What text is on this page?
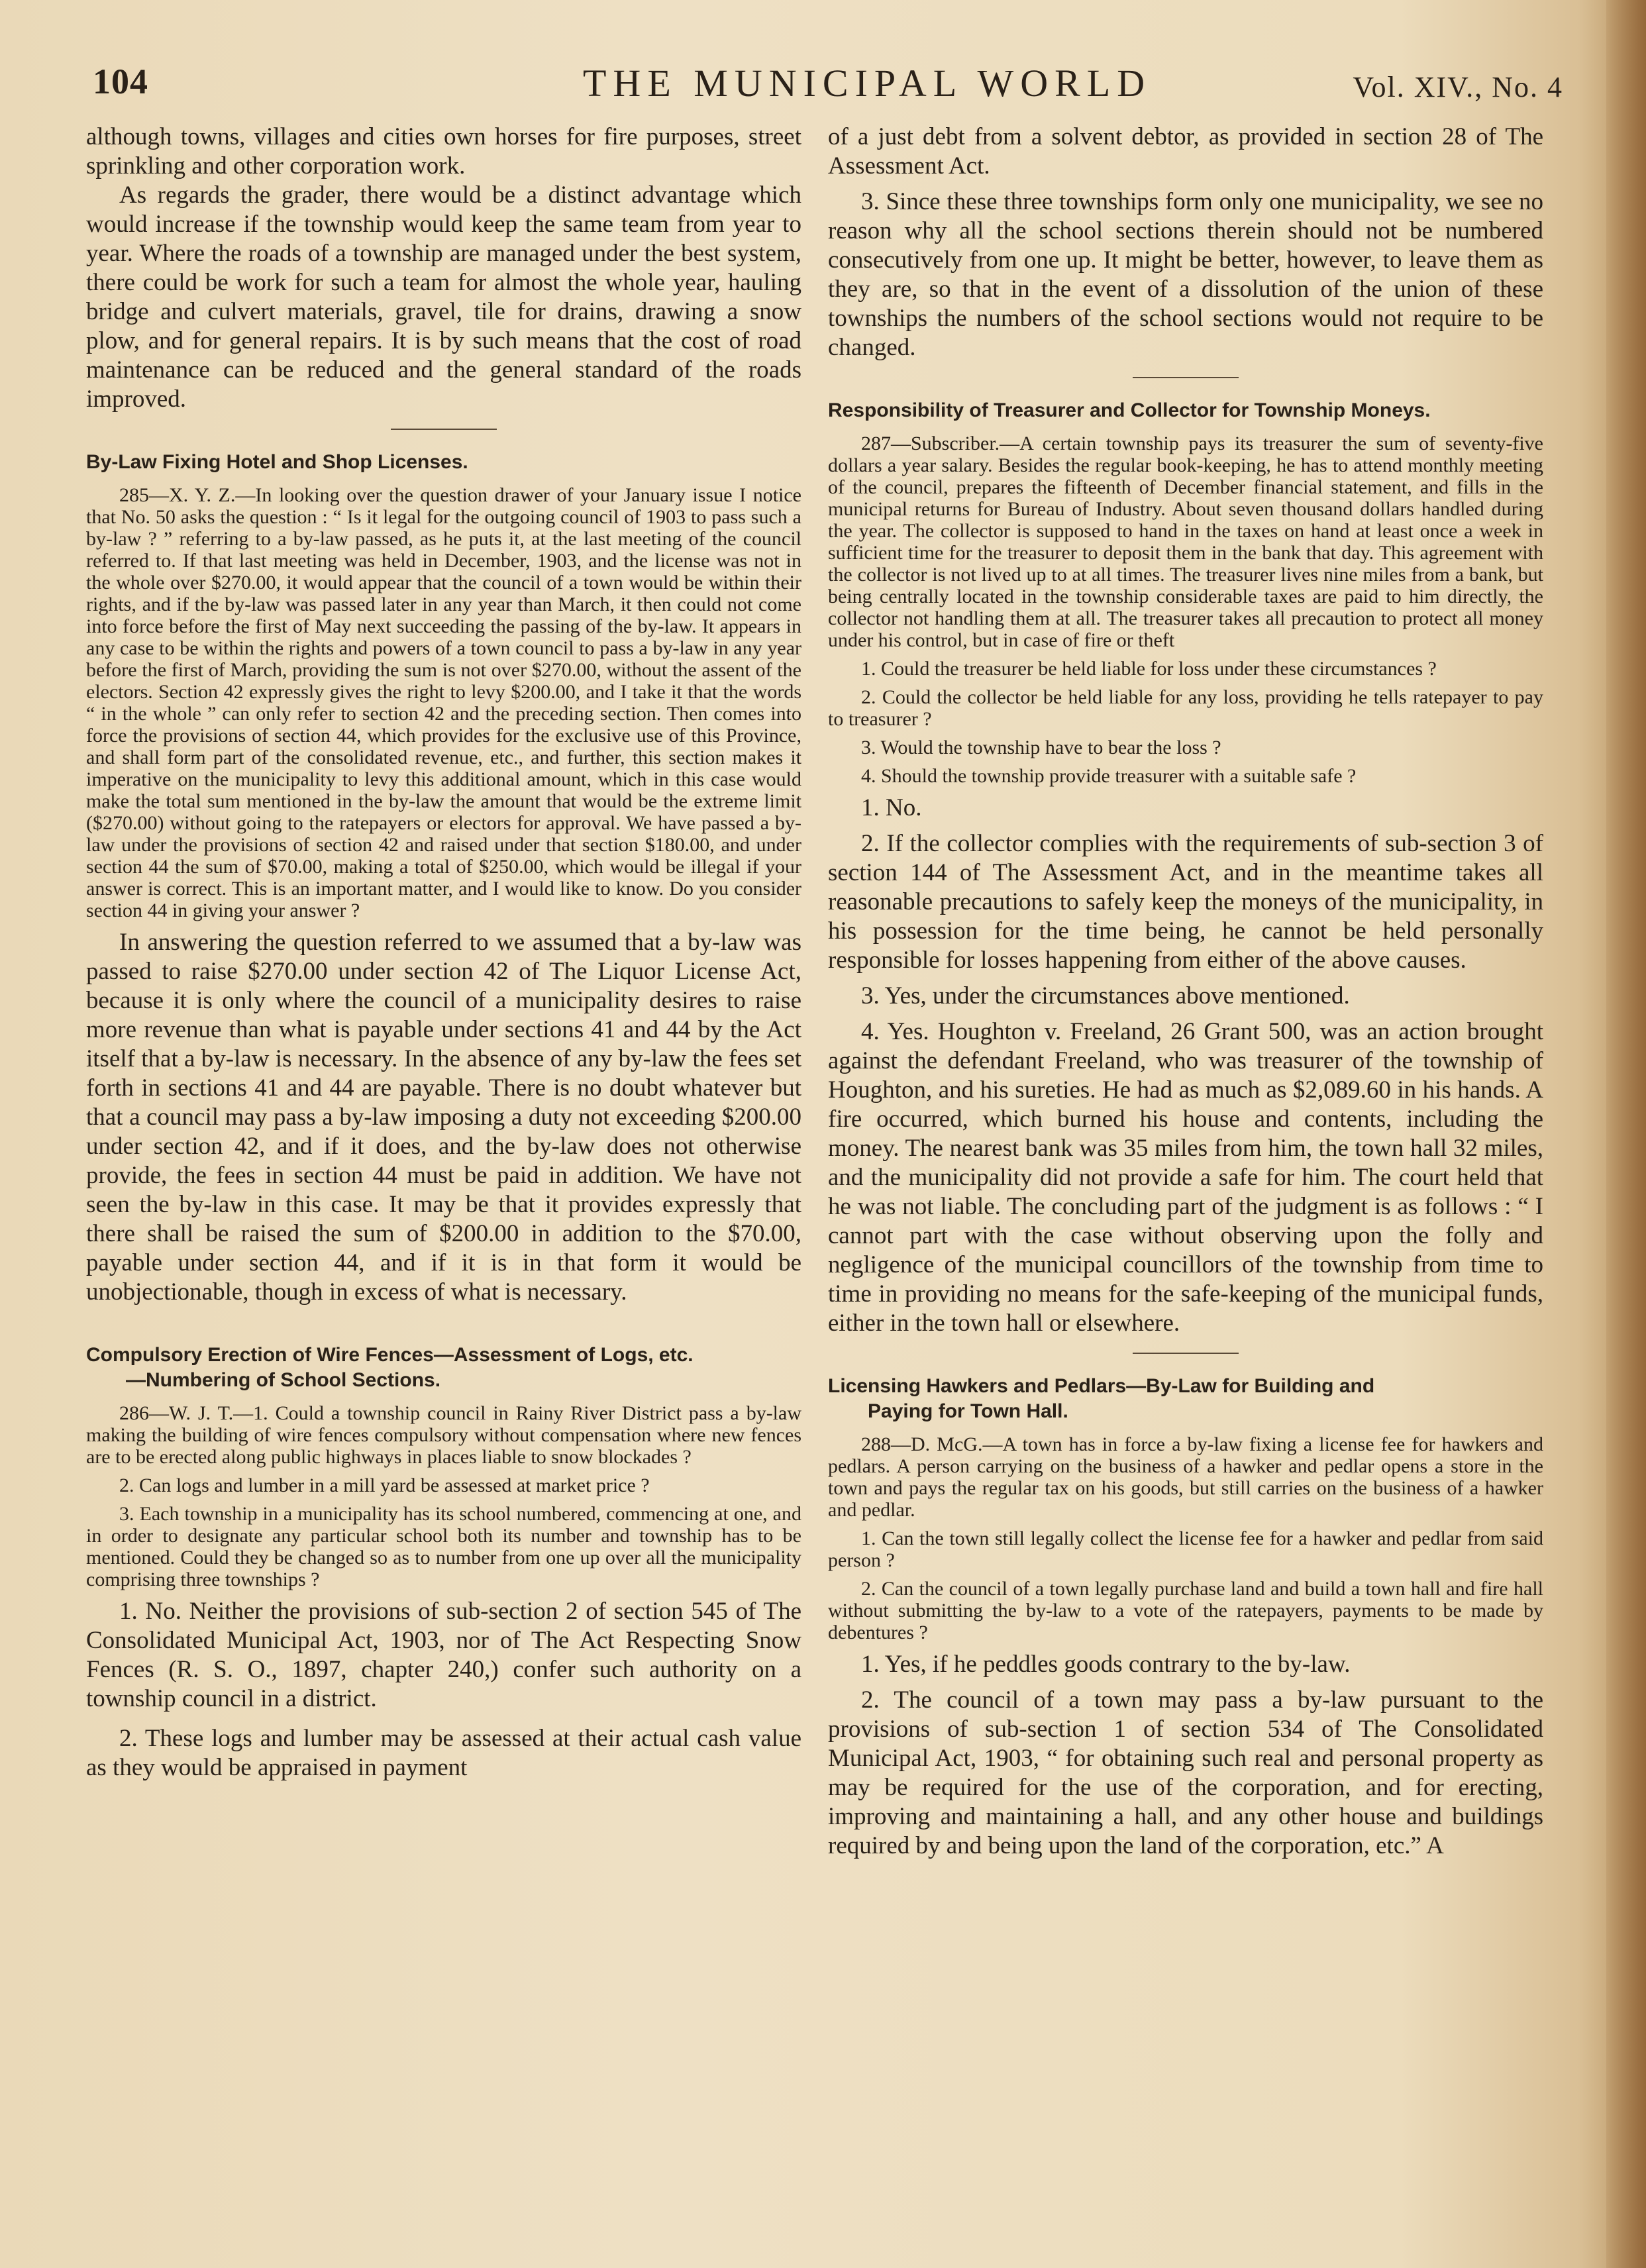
104	THE MUNICIPAL WORLD	Vol. XIV., No. 4

although towns, villages and cities own horses for fire purposes, street sprinkling and other corporation work.

As regards the grader, there would be a distinct advantage which would increase if the township would keep the same team from year to year. Where the roads of a township are managed under the best system, there could be work for such a team for almost the whole year, hauling bridge and culvert materials, gravel, tile for drains, drawing a snow plow, and for general repairs. It is by such means that the cost of road maintenance can be reduced and the general standard of the roads improved.

By-Law Fixing Hotel and Shop Licenses.

285—X. Y. Z.—In looking over the question drawer of your January issue I notice that No. 50 asks the question : “ Is it legal for the outgoing council of 1903 to pass such a by-law ? ” referring to a by-law passed, as he puts it, at the last meeting of the council referred to. If that last meeting was held in December, 1903, and the license was not in the whole over $270.00, it would appear that the council of a town would be within their rights, and if the by-law was passed later in any year than March, it then could not come into force before the first of May next succeeding the passing of the by-law. It appears in any case to be within the rights and powers of a town council to pass a by-law in any year before the first of March, providing the sum is not over $270.00, without the assent of the electors. Section 42 expressly gives the right to levy $200.00, and I take it that the words “ in the whole ” can only refer to section 42 and the preceding section. Then comes into force the provisions of section 44, which provides for the exclusive use of this Province, and shall form part of the consolidated revenue, etc., and further, this section makes it imperative on the municipality to levy this additional amount, which in this case would make the total sum mentioned in the by-law the amount that would be the extreme limit ($270.00) without going to the ratepayers or electors for approval. We have passed a by-law under the provisions of section 42 and raised under that section $180.00, and under section 44 the sum of $70.00, making a total of $250.00, which would be illegal if your answer is correct. This is an important matter, and I would like to know. Do you consider section 44 in giving your answer ?

In answering the question referred to we assumed that a by-law was passed to raise $270.00 under section 42 of The Liquor License Act, because it is only where the council of a municipality desires to raise more revenue than what is payable under sections 41 and 44 by the Act itself that a by-law is necessary. In the absence of any by-law the fees set forth in sections 41 and 44 are payable. There is no doubt whatever but that a council may pass a by-law imposing a duty not exceeding $200.00 under section 42, and if it does, and the by-law does not otherwise provide, the fees in section 44 must be paid in addition. We have not seen the by-law in this case. It may be that it provides expressly that there shall be raised the sum of $200.00 in addition to the $70.00, payable under section 44, and if it is in that form it would be unobjectionable, though in excess of what is necessary.

Compulsory Erection of Wire Fences—Assessment of Logs, etc.
—Numbering of School Sections.

286—W. J. T.—1. Could a township council in Rainy River District pass a by-law making the building of wire fences compulsory without compensation where new fences are to be erected along public highways in places liable to snow blockades ?

2. Can logs and lumber in a mill yard be assessed at market price ?

3. Each township in a municipality has its school numbered, commencing at one, and in order to designate any particular school both its number and township has to be mentioned. Could they be changed so as to number from one up over all the municipality comprising three townships ?

1. No. Neither the provisions of sub-section 2 of section 545 of The Consolidated Municipal Act, 1903, nor of The Act Respecting Snow Fences (R. S. O., 1897, chapter 240,) confer such authority on a township council in a district.

2. These logs and lumber may be assessed at their actual cash value as they would be appraised in payment

of a just debt from a solvent debtor, as provided in section 28 of The Assessment Act.

3. Since these three townships form only one municipality, we see no reason why all the school sections therein should not be numbered consecutively from one up. It might be better, however, to leave them as they are, so that in the event of a dissolution of the union of these townships the numbers of the school sections would not require to be changed.

Responsibility of Treasurer and Collector for Township Moneys.

287—Subscriber.—A certain township pays its treasurer the sum of seventy-five dollars a year salary. Besides the regular book-keeping, he has to attend monthly meeting of the council, prepares the fifteenth of December financial statement, and fills in the municipal returns for Bureau of Industry. About seven thousand dollars handled during the year. The collector is supposed to hand in the taxes on hand at least once a week in sufficient time for the treasurer to deposit them in the bank that day. This agreement with the collector is not lived up to at all times. The treasurer lives nine miles from a bank, but being centrally located in the township considerable taxes are paid to him directly, the collector not handling them at all. The treasurer takes all precaution to protect all money under his control, but in case of fire or theft

1. Could the treasurer be held liable for loss under these circumstances ?

2. Could the collector be held liable for any loss, providing he tells ratepayer to pay to treasurer ?

3. Would the township have to bear the loss ?

4. Should the township provide treasurer with a suitable safe ?

1. No.

2. If the collector complies with the requirements of sub-section 3 of section 144 of The Assessment Act, and in the meantime takes all reasonable precautions to safely keep the moneys of the municipality, in his possession for the time being, he cannot be held personally responsible for losses happening from either of the above causes.

3. Yes, under the circumstances above mentioned.

4. Yes. Houghton v. Freeland, 26 Grant 500, was an action brought against the defendant Freeland, who was treasurer of the township of Houghton, and his sureties. He had as much as $2,089.60 in his hands. A fire occurred, which burned his house and contents, including the money. The nearest bank was 35 miles from him, the town hall 32 miles, and the municipality did not provide a safe for him. The court held that he was not liable. The concluding part of the judgment is as follows : “ I cannot part with the case without observing upon the folly and negligence of the municipal councillors of the township from time to time in providing no means for the safe-keeping of the municipal funds, either in the town hall or elsewhere.

Licensing Hawkers and Pedlars—By-Law for Building and
Paying for Town Hall.

288—D. McG.—A town has in force a by-law fixing a license fee for hawkers and pedlars. A person carrying on the business of a hawker and pedlar opens a store in the town and pays the regular tax on his goods, but still carries on the business of a hawker and pedlar.

1. Can the town still legally collect the license fee for a hawker and pedlar from said person ?

2. Can the council of a town legally purchase land and build a town hall and fire hall without submitting the by-law to a vote of the ratepayers, payments to be made by debentures ?

1. Yes, if he peddles goods contrary to the by-law.

2. The council of a town may pass a by-law pursuant to the provisions of sub-section 1 of section 534 of The Consolidated Municipal Act, 1903, “ for obtaining such real and personal property as may be required for the use of the corporation, and for erecting, improving and maintaining a hall, and any other house and buildings required by and being upon the land of the corporation, etc.” A
